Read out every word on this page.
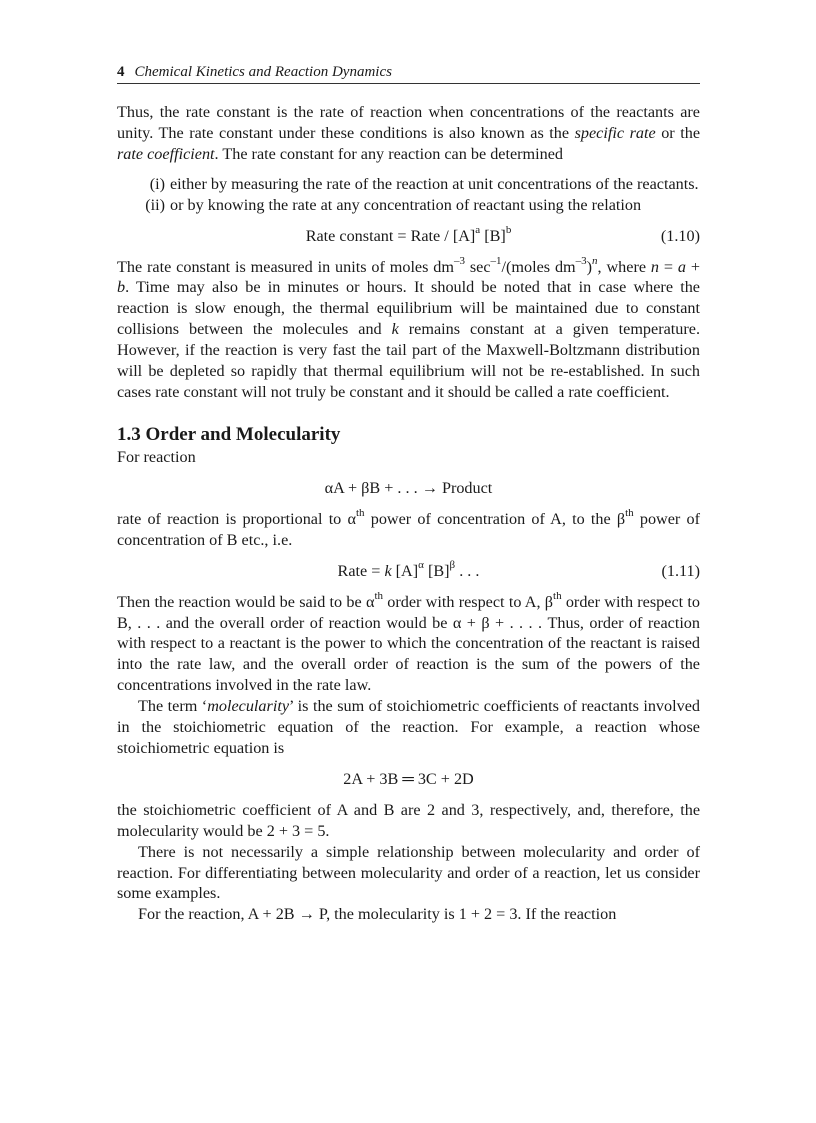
4 Chemical Kinetics and Reaction Dynamics

Thus, the rate constant is the rate of reaction when concentrations of the reactants are unity. The rate constant under these conditions is also known as the specific rate or the rate coefficient. The rate constant for any reaction can be determined

(i) either by measuring the rate of the reaction at unit concentrations of the reactants.
(ii) or by knowing the rate at any concentration of reactant using the relation
Rate constant = Rate / $[A]^a$ $[B]^b$	(1.10)

The rate constant is measured in units of moles $dm^{-3}$ $\sec^{-1}/(moles$ $dm^{-3})^n$, where n = a + b. Time may also be in minutes or hours. It should be noted that in case where the reaction is slow enough, the thermal equilibrium will be maintained due to constant collisions between the molecules and k remains constant at a given temperature. However, if the reaction is very fast the tail part of the Maxwell-Boltzmann distribution will be depleted so rapidly that thermal equilibrium will not be re-established. In such cases rate constant will not truly be constant and it should be called a rate coefficient.

1.3 Order and Molecularity

For reaction

αA + βB + . . . → Product

rate of reaction is proportional to $\alpha^{th}$ power of concentration of A, to the $\beta^{th}$ power of concentration of B etc., i.e.

Rate = k $[A]^\alpha$ $[B]^\beta$ . . .	(1.11)

Then the reaction would be said to be $\alpha^{th}$ order with respect to A, $\beta^{th}$ order with respect to B, . . . and the overall order of reaction would be α + β + . . . . Thus, order of reaction with respect to a reactant is the power to which the concentration of the reactant is raised into the rate law, and the overall order of reaction is the sum of the powers of the concentrations involved in the rate law.

The term ‘molecularity’ is the sum of stoichiometric coefficients of reactants involved in the stoichiometric equation of the reaction. For example, a reaction whose stoichiometric equation is

2A + 3B ═ 3C + 2D

the stoichiometric coefficient of A and B are 2 and 3, respectively, and, therefore, the molecularity would be 2 + 3 = 5.

There is not necessarily a simple relationship between molecularity and order of reaction. For differentiating between molecularity and order of a reaction, let us consider some examples.

For the reaction, A + 2B → P, the molecularity is 1 + 2 = 3. If the reaction
